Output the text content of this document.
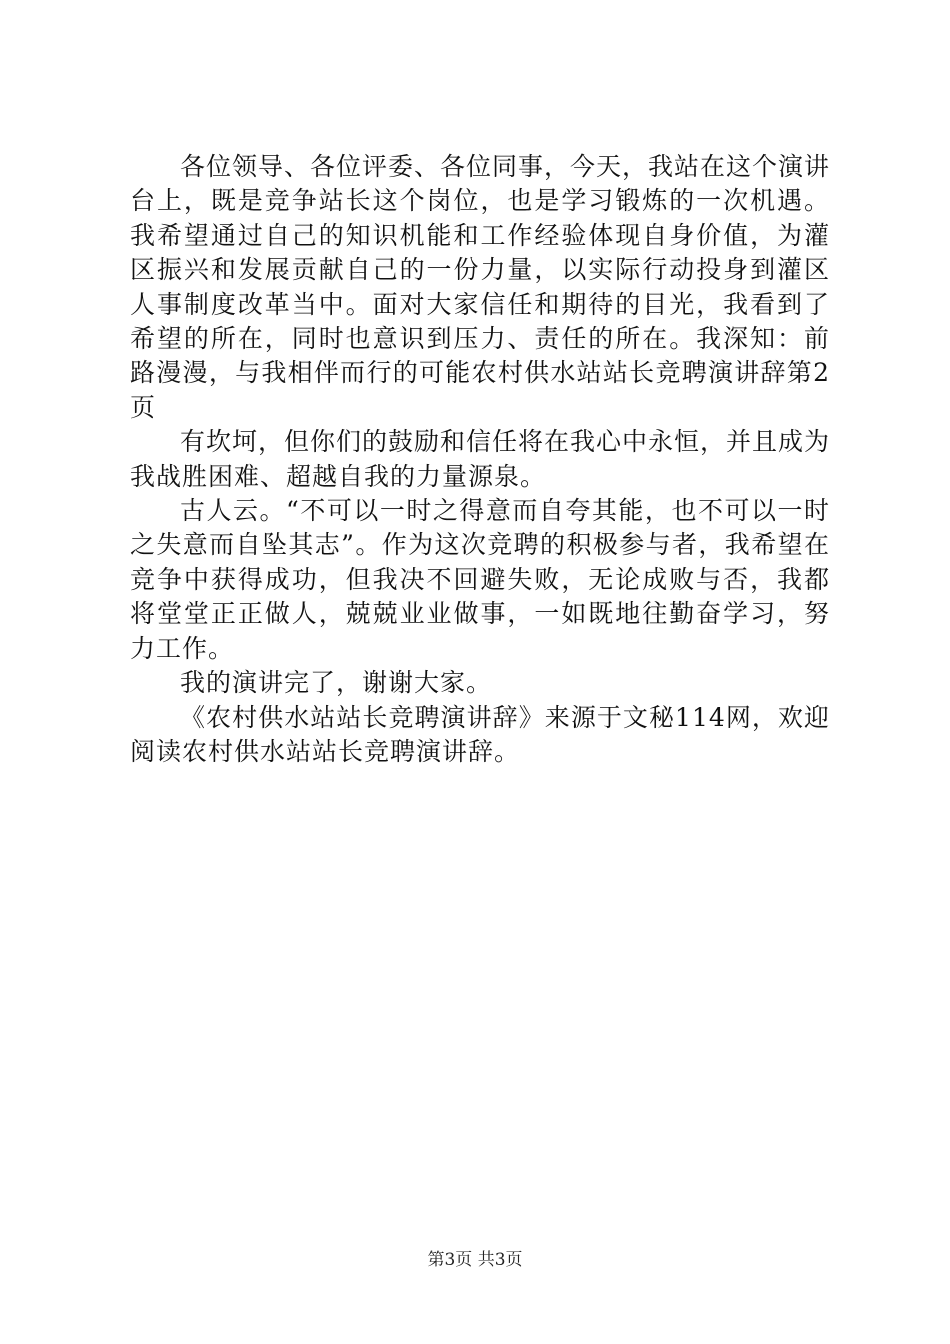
各位领导、各位评委、各位同事，今天，我站在这个演讲台上，既是竞争站长这个岗位，也是学习锻炼的一次机遇。我希望通过自己的知识机能和工作经验体现自身价值，为灌区振兴和发展贡献自己的一份力量，以实际行动投身到灌区人事制度改革当中。面对大家信任和期待的目光，我看到了希望的所在，同时也意识到压力、责任的所在。我深知：前路漫漫，与我相伴而行的可能农村供水站站长竞聘演讲辞第2页

有坎坷，但你们的鼓励和信任将在我心中永恒，并且成为我战胜困难、超越自我的力量源泉。

古人云。“不可以一时之得意而自夸其能，也不可以一时之失意而自坠其志”。作为这次竞聘的积极参与者，我希望在竞争中获得成功，但我决不回避失败，无论成败与否，我都将堂堂正正做人，兢兢业业做事，一如既地往勤奋学习，努力工作。

我的演讲完了，谢谢大家。

《农村供水站站长竞聘演讲辞》来源于文秘114网，欢迎阅读农村供水站站长竞聘演讲辞。

第3页 共3页
